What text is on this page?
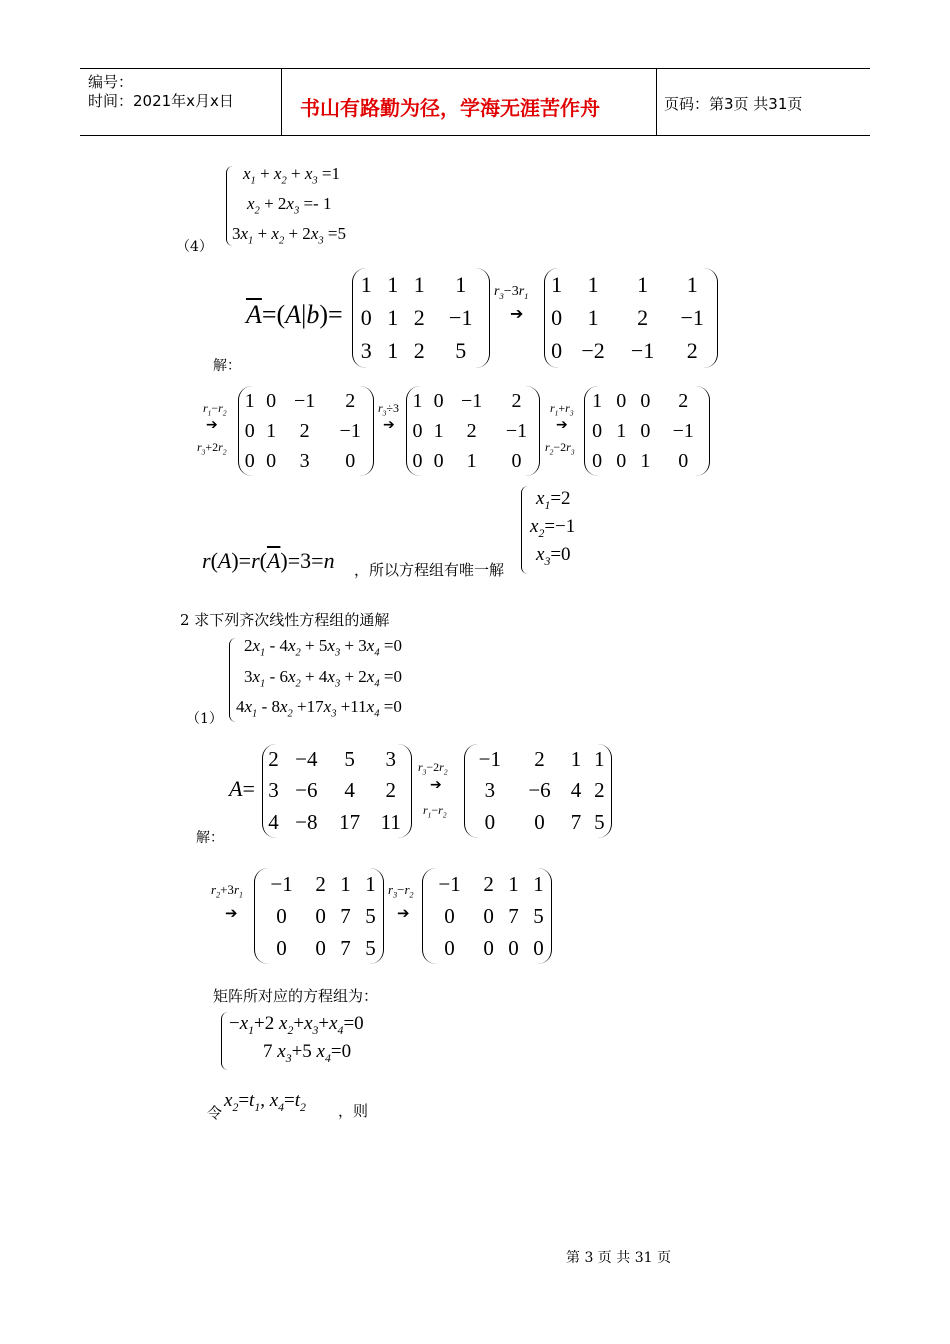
编号：
时间：2021年x月x日	书山有路勤为径，学海无涯苦作舟	页码：第3页 共31页
（4）
$x_1 + x_2 + x_3 =1$
$x_2 + 2x_3 =- 1$
$3x_1 + x_2 + 2x_3 =5$
解：
$\overline{A}=(A|b)=$
1	1	1	1
0	1	2	−1
3	1	2	5
$r_3-3r_1$
➔
1	1	1	1
0	1	2	−1
0	−2	−1	2
$r_1-r_2$
➔
$r_3+2r_2$
1	0	−1	2
0	1	2	−1
0	0	3	0
$r_3\div 3$
➔
1	0	−1	2
0	1	2	−1
0	0	1	0
$r_1+r_3$
➔
$r_2-2r_3$
1	0	0	2
0	1	0	−1
0	0	1	0
$r(A)=r(\overline{A})=3=n$ ，所以方程组有唯一解
$x_1=2$
$x_2=-1$
$x_3=0$
2 求下列齐次线性方程组的通解
（1）
$2x_1 - 4x_2 + 5x_3 + 3x_4 =0$
$3x_1 - 6x_2 + 4x_3 + 2x_4 =0$
$4x_1 - 8x_2 +17x_3 +11x_4 =0$
解：
A=
2	−4	5	3
3	−6	4	2
4	−8	17	11
$r_3-2r_2$
➔
$r_1-r_2$
−1	2	1	1
3	−6	4	2
0	0	7	5
$r_2+3r_1$
➔
−1	2	1	1
0	0	7	5
0	0	7	5
$r_3-r_2$
➔
−1	2	1	1
0	0	7	5
0	0	0	0
矩阵所对应的方程组为：
$-x_1+2$ $x_2+x_3+x_4=0$
7 $x_3+5$ $x_4=0$
令
$x_2=t_1$, $x_4=t_2$ ，则
第 3 页 共 31 页
